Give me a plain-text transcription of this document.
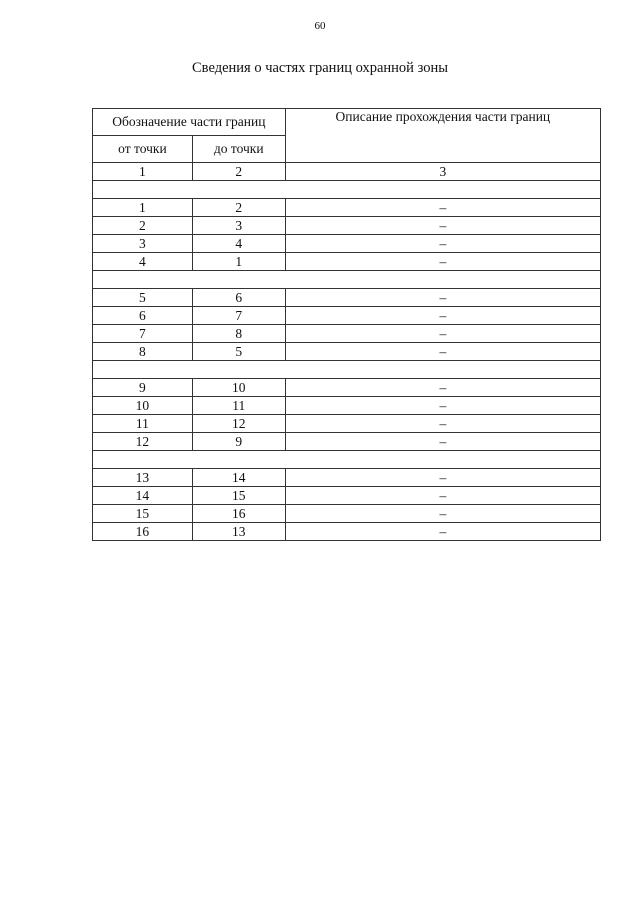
60
Сведения о частях границ охранной зоны
Обозначение части границ		Описание прохождения части границ
от точки	до точки	
1	2	3

1	2	–
2	3	–
3	4	–
4	1	–

5	6	–
6	7	–
7	8	–
8	5	–

9	10	–
10	11	–
11	12	–
12	9	–

13	14	–
14	15	–
15	16	–
16	13	–
